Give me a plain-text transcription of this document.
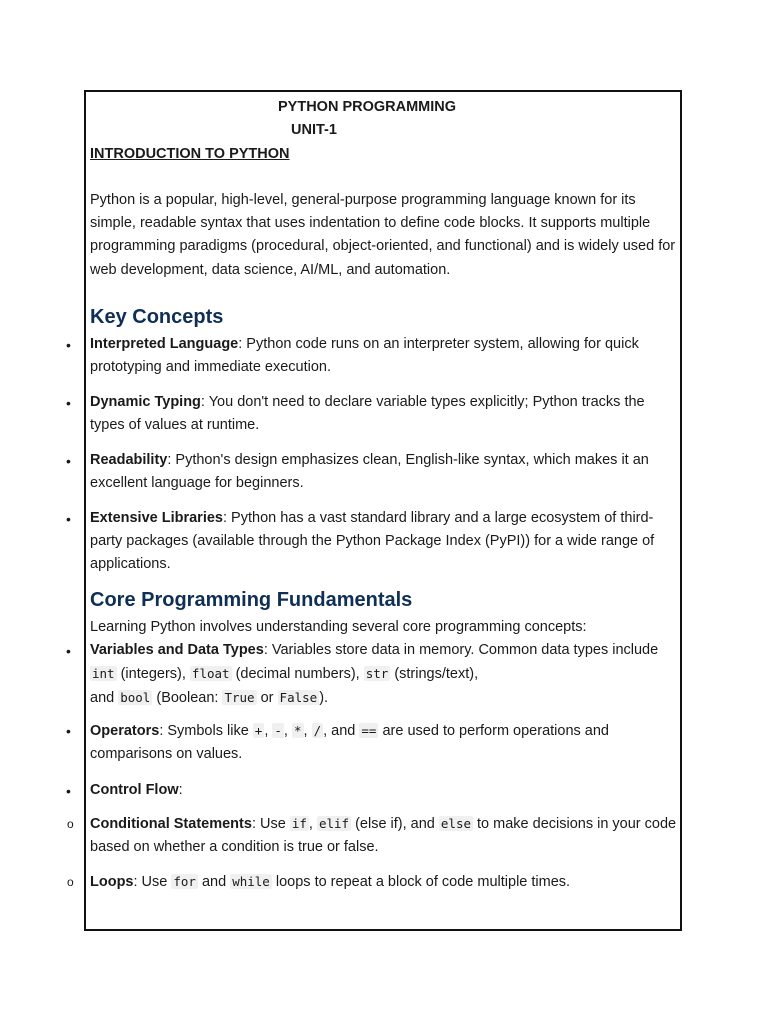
PYTHON PROGRAMMING
UNIT-1
INTRODUCTION TO PYTHON
Python is a popular, high-level, general-purpose programming language known for its simple, readable syntax that uses indentation to define code blocks. It supports multiple programming paradigms (procedural, object-oriented, and functional) and is widely used for web development, data science, AI/ML, and automation.
Key Concepts
• Interpreted Language: Python code runs on an interpreter system, allowing for quick prototyping and immediate execution.
• Dynamic Typing: You don't need to declare variable types explicitly; Python tracks the types of values at runtime.
• Readability: Python's design emphasizes clean, English-like syntax, which makes it an excellent language for beginners.
• Extensive Libraries: Python has a vast standard library and a large ecosystem of third-party packages (available through the Python Package Index (PyPI)) for a wide range of applications.
Core Programming Fundamentals
Learning Python involves understanding several core programming concepts:
• Variables and Data Types: Variables store data in memory. Common data types include int (integers), float (decimal numbers), str (strings/text),
and bool (Boolean: True or False ).
• Operators: Symbols like + , - , * , / , and == are used to perform operations and comparisons on values.
• Control Flow:
o Conditional Statements: Use if , elif (else if), and else to make decisions in your code based on whether a condition is true or false.
o Loops: Use for and while loops to repeat a block of code multiple times.
